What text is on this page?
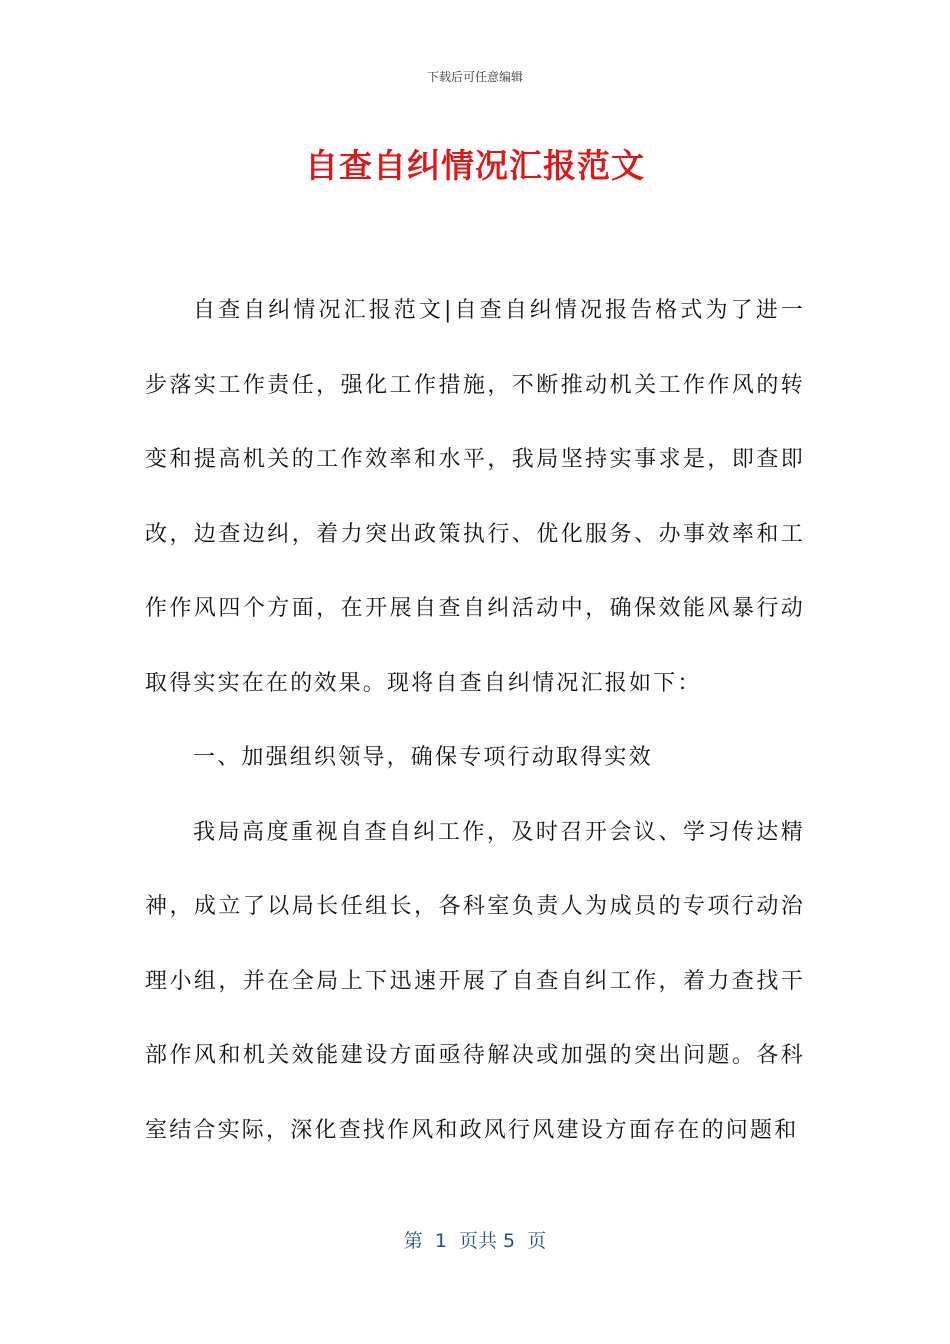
下载后可任意编辑
自查自纠情况汇报范文

自查自纠情况汇报范文|自查自纠情况报告格式为了进一步落实工作责任，强化工作措施，不断推动机关工作作风的转变和提高机关的工作效率和水平，我局坚持实事求是，即查即改，边查边纠，着力突出政策执行、优化服务、办事效率和工作作风四个方面，在开展自查自纠活动中，确保效能风暴行动取得实实在在的效果。现将自查自纠情况汇报如下：

一、加强组织领导，确保专项行动取得实效

我局高度重视自查自纠工作，及时召开会议、学习传达精神，成立了以局长任组长，各科室负责人为成员的专项行动治理小组，并在全局上下迅速开展了自查自纠工作，着力查找干部作风和机关效能建设方面亟待解决或加强的突出问题。各科室结合实际，深化查找作风和政风行风建设方面存在的问题和

第  1  页共 5  页
